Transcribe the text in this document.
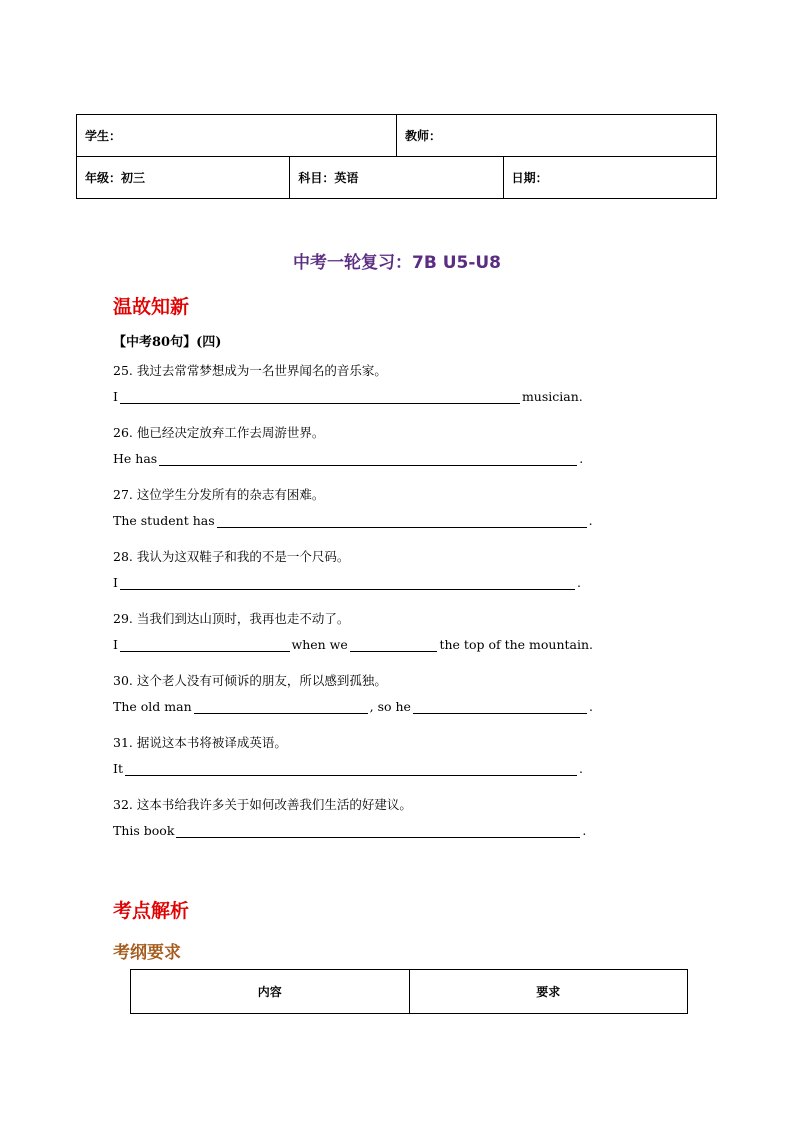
学生：		教师：	
年级：初三	科目：英语		日期：
中考一轮复习：7B U5-U8
温故知新

【中考80句】(四)

25. 我过去常常梦想成为一名世界闻名的音乐家。
I	musician.
26. 他已经决定放弃工作去周游世界。
He has	.
27. 这位学生分发所有的杂志有困难。
The student has	.
28. 我认为这双鞋子和我的不是一个尺码。
I	.
29. 当我们到达山顶时，我再也走不动了。
I	when we	the top of the mountain.
30. 这个老人没有可倾诉的朋友，所以感到孤独。
The old man	, so he	.
31. 据说这本书将被译成英语。
It	.
32. 这本书给我许多关于如何改善我们生活的好建议。
This book	.
考点解析
考纲要求
内容	要求
